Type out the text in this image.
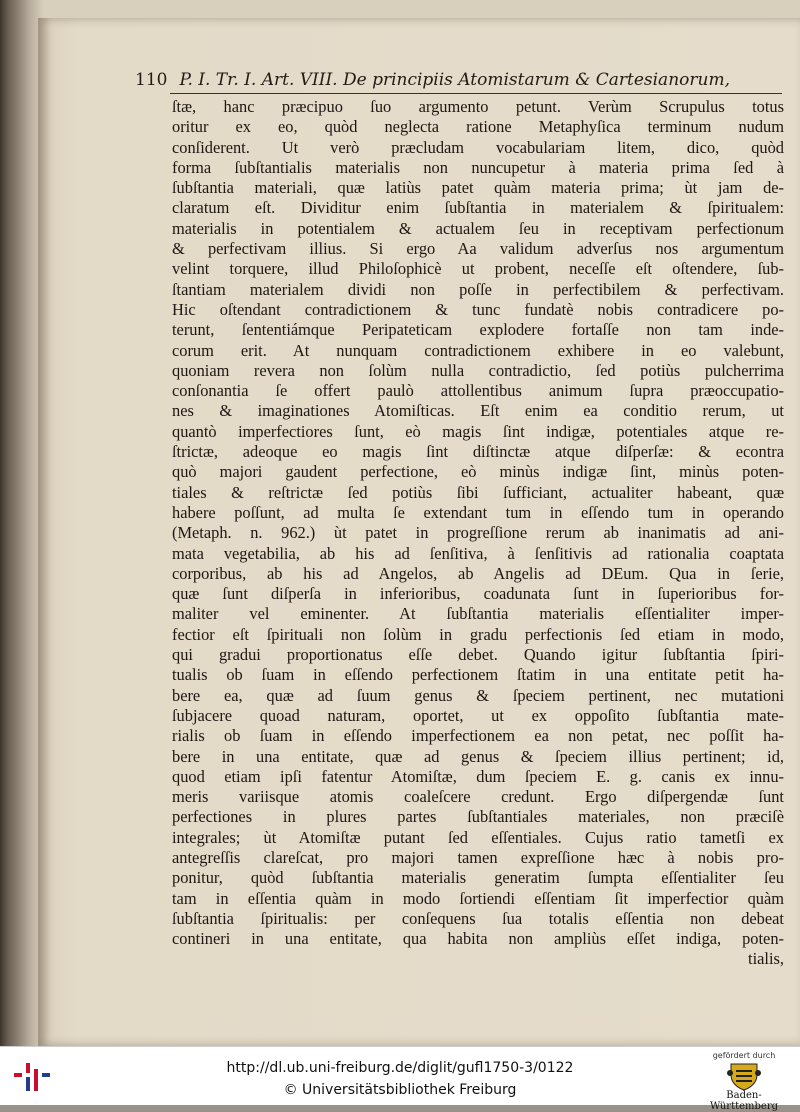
110 P. I. Tr. I. Art. VIII. De principiis Atomistarum & Cartesianorum,
ſtæ, hanc præcipuo ſuo argumento petunt. Verùm Scrupulus totus
oritur ex eo, quòd neglecta ratione Metaphyſica terminum nudum
conſiderent. Ut verò præcludam vocabulariam litem, dico, quòd
forma ſubſtantialis materialis non nuncupetur à materia prima ſed à
ſubſtantia materiali, quæ latiùs patet quàm materia prima; ùt jam de-
claratum eſt. Dividitur enim ſubſtantia in materialem & ſpiritualem:
materialis in potentialem & actualem ſeu in receptivam perfectionum
& perfectivam illius. Si ergo Aa validum adverſus nos argumentum
velint torquere, illud Philoſophicè ut probent, neceſſe eſt oſtendere, ſub-
ſtantiam materialem dividi non poſſe in perfectibilem & perfectivam.
Hic oſtendant contradictionem & tunc fundatè nobis contradicere po-
terunt, ſententiámque Peripateticam explodere fortaſſe non tam inde-
corum erit. At nunquam contradictionem exhibere in eo valebunt,
quoniam revera non ſolùm nulla contradictio, ſed potiùs pulcherrima
conſonantia ſe offert paulò attollentibus animum ſupra præoccupatio-
nes & imaginationes Atomiſticas. Eſt enim ea conditio rerum, ut
quantò imperfectiores ſunt, eò magis ſint indigæ, potentiales atque re-
ſtrictæ, adeoque eo magis ſint diſtinctæ atque diſperſæ: & econtra
quò majori gaudent perfectione, eò minùs indigæ ſint, minùs poten-
tiales & reſtrictæ ſed potiùs ſibi ſufficiant, actualiter habeant, quæ
habere poſſunt, ad multa ſe extendant tum in eſſendo tum in operando
(Metaph. n. 962.) ùt patet in progreſſione rerum ab inanimatis ad ani-
mata vegetabilia, ab his ad ſenſitiva, à ſenſitivis ad rationalia coaptata
corporibus, ab his ad Angelos, ab Angelis ad DEum. Qua in ſerie,
quæ ſunt diſperſa in inferioribus, coadunata ſunt in ſuperioribus for-
maliter vel eminenter. At ſubſtantia materialis eſſentialiter imper-
fectior eſt ſpirituali non ſolùm in gradu perfectionis ſed etiam in modo,
qui gradui proportionatus eſſe debet. Quando igitur ſubſtantia ſpiri-
tualis ob ſuam in eſſendo perfectionem ſtatim in una entitate petit ha-
bere ea, quæ ad ſuum genus & ſpeciem pertinent, nec mutationi
ſubjacere quoad naturam, oportet, ut ex oppoſito ſubſtantia mate-
rialis ob ſuam in eſſendo imperfectionem ea non petat, nec poſſit ha-
bere in una entitate, quæ ad genus & ſpeciem illius pertinent; id,
quod etiam ipſi fatentur Atomiſtæ, dum ſpeciem E. g. canis ex innu-
meris variisque atomis coaleſcere credunt. Ergo diſpergendæ ſunt
perfectiones in plures partes ſubſtantiales materiales, non præciſè
integrales; ùt Atomiſtæ putant ſed eſſentiales. Cujus ratio tametſi ex
antegreſſis clareſcat, pro majori tamen expreſſione hæc à nobis pro-
ponitur, quòd ſubſtantia materialis generatim ſumpta eſſentialiter ſeu
tam in eſſentia quàm in modo ſortiendi eſſentiam ſit imperfectior quàm
ſubſtantia ſpiritualis: per conſequens ſua totalis eſſentia non debeat
contineri in una entitate, qua habita non ampliùs eſſet indiga, poten-
tialis,
http://dl.ub.uni-freiburg.de/diglit/gufl1750-3/0122
© Universitätsbibliothek Freiburg
gefördert durch
Baden-Württemberg
